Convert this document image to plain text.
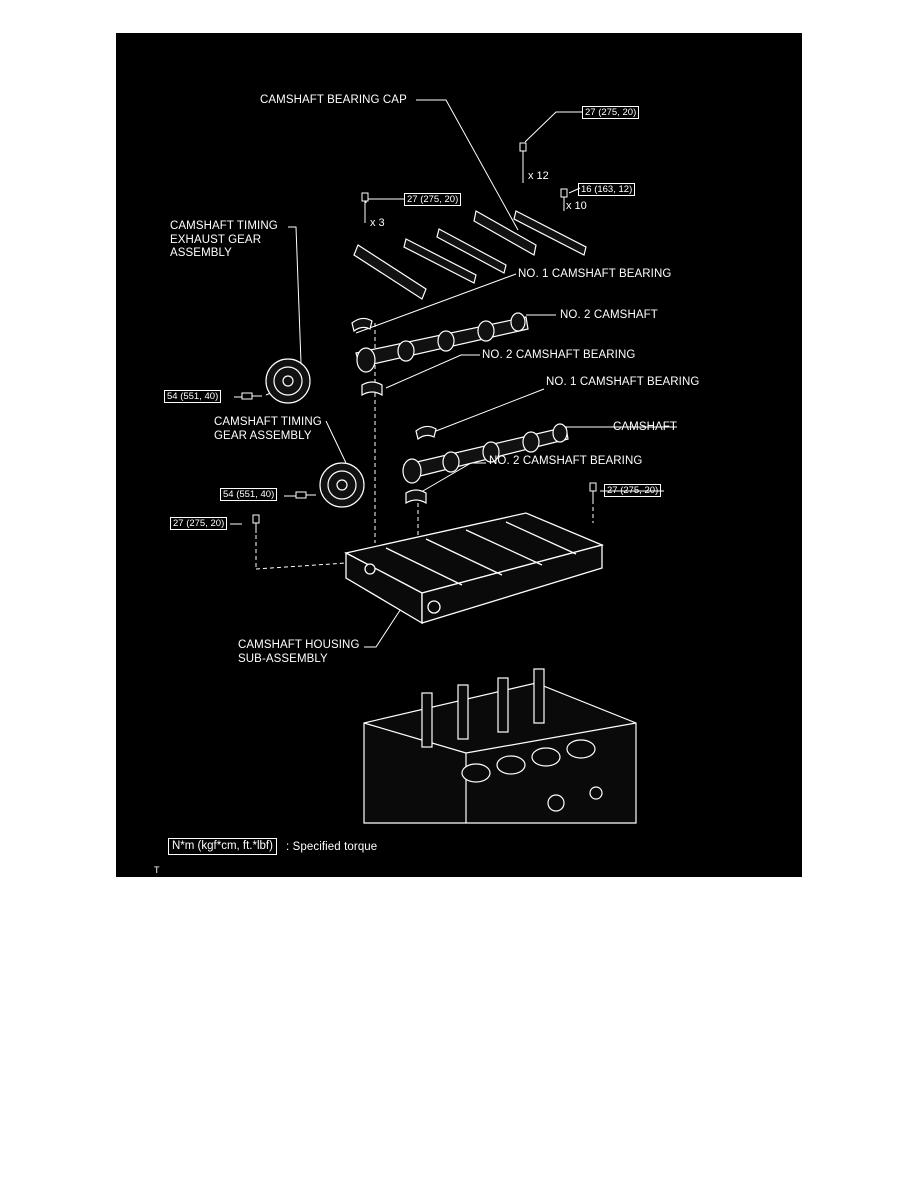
CAMSHAFT BEARING CAP
CAMSHAFT TIMING
EXHAUST GEAR
ASSEMBLY
NO. 1 CAMSHAFT BEARING
NO. 2 CAMSHAFT
NO. 2 CAMSHAFT BEARING
NO. 1 CAMSHAFT BEARING
CAMSHAFT TIMING
GEAR ASSEMBLY
CAMSHAFT
NO. 2 CAMSHAFT BEARING
CAMSHAFT HOUSING
SUB-ASSEMBLY
27 (275, 20)
16 (163, 12)
27 (275, 20)
54 (551, 40)
54 (551, 40)	27 (275, 20)
27 (275, 20)
x 12
x 10
x 3
N*m (kgf*cm, ft.*lbf)	: Specified torque
T
